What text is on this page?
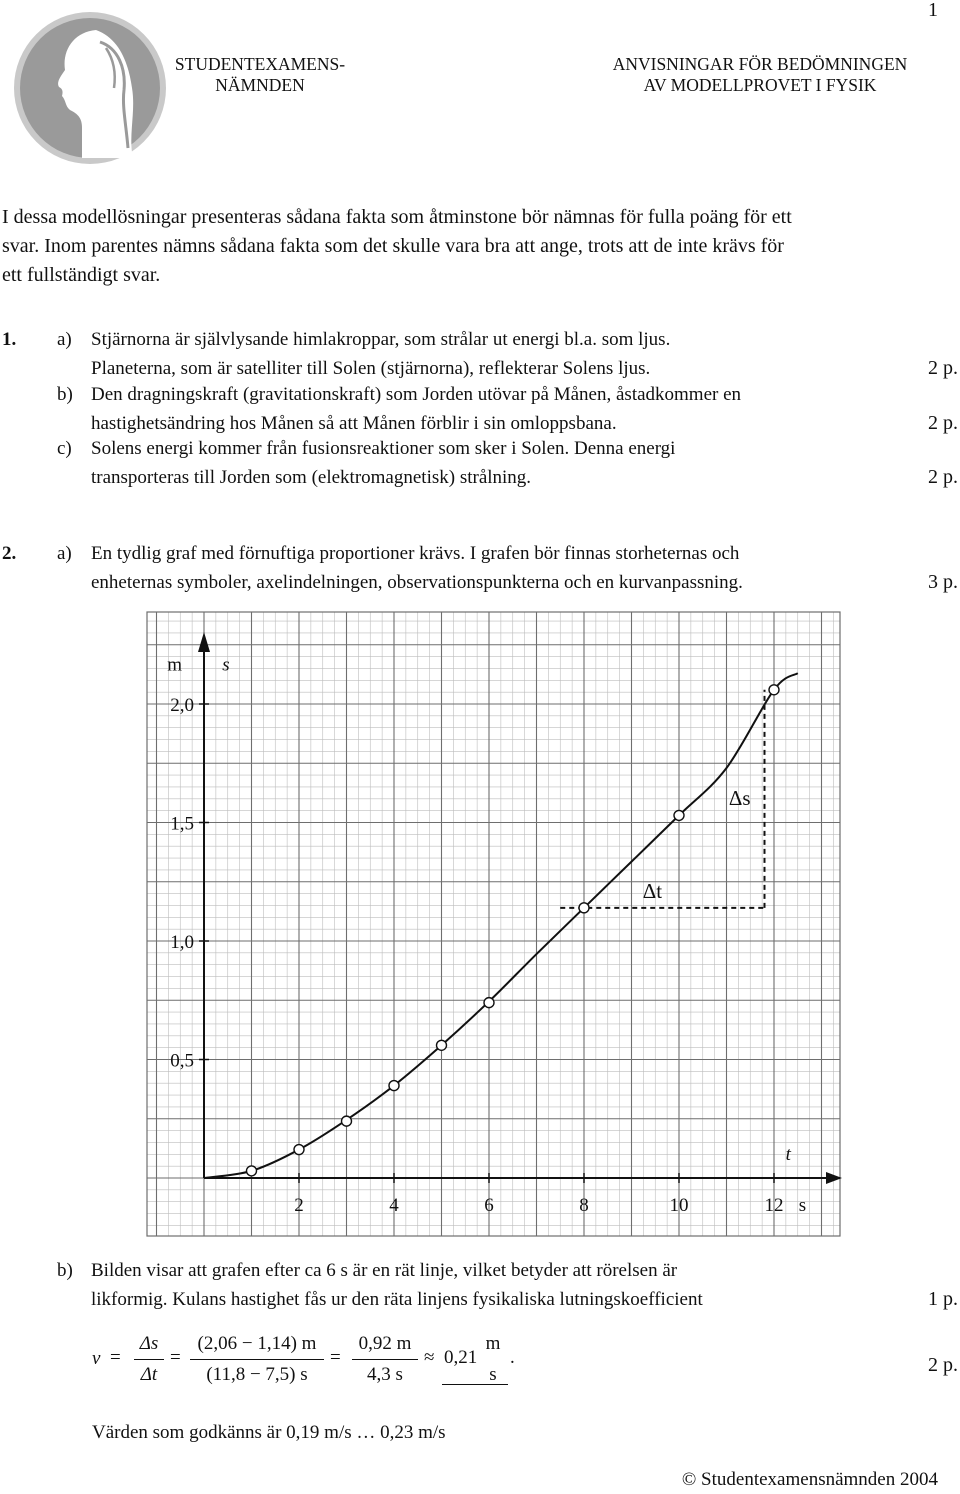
1
STUDENTEXAMENS-
NÄMNDEN
ANVISNINGAR FÖR BEDÖMNINGEN
AV MODELLPROVET I FYSIK
I dessa modellösningar presenteras sådana fakta som åtminstone bör nämnas för fulla poäng för ett
svar. Inom parentes nämns sådana fakta som det skulle vara bra att ange, trots att de inte krävs för
ett fullständigt svar.
1. a) Stjärnorna är självlysande himlakroppar, som strålar ut energi bl.a. som ljus.
Planeterna, som är satelliter till Solen (stjärnorna), reflekterar Solens ljus.	2 p.
b) Den dragningskraft (gravitationskraft) som Jorden utövar på Månen, åstadkommer en
hastighetsändring hos Månen så att Månen förblir i sin omloppsbana.	2 p.
c) Solens energi kommer från fusionsreaktioner som sker i Solen. Denna energi
transporteras till Jorden som (elektromagnetisk) strålning.	2 p.
2. a) En tydlig graf med förnuftiga proportioner krävs. I grafen bör finnas storheternas och
enheternas symboler, axelindelningen, observationspunkterna och en kurvanpassning.	3 p.
2	4	6	8	10	12 s
t
0,5
1,0
1,5
2,0
m s
Δt
Δs
b) Bilden visar att grafen efter ca 6 s är en rät linje, vilket betyder att rörelsen är
likformig. Kulans hastighet fås ur den räta linjens fysikaliska lutningskoefficient	1 p.
v =
Δs
Δt
=
(2,06 − 1,14) m
(11,8 − 7,5) s
=
0,92 m
4,3 s
≈ 0,21
m
s
.	2 p.
Värden som godkänns är 0,19 m/s … 0,23 m/s
© Studentexamensnämnden 2004
